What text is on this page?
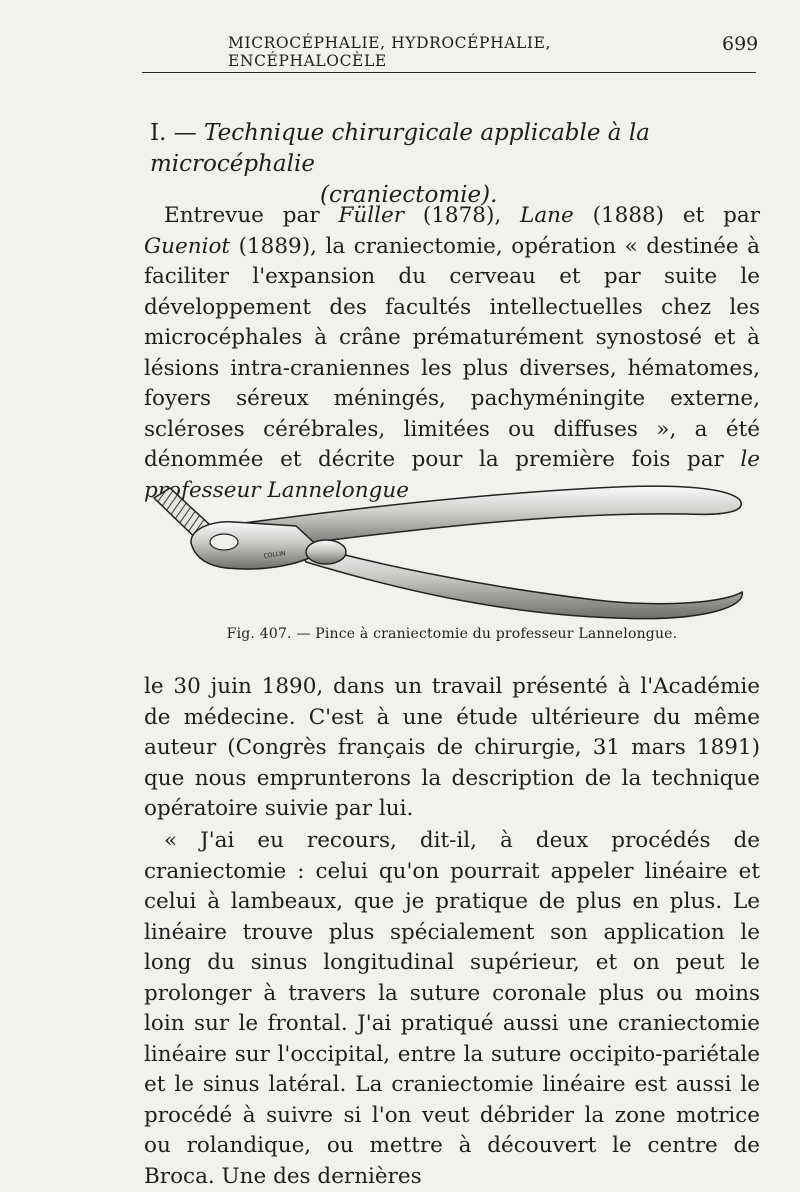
MICROCÉPHALIE, HYDROCÉPHALIE, ENCÉPHALOCÈLE
699
I. — Technique chirurgicale applicable à la microcéphalie
(craniectomie).
Entrevue par Füller (1878), Lane (1888) et par Gueniot (1889), la craniectomie, opération « destinée à faciliter l'expansion du cerveau et par suite le développement des facultés intellectuelles chez les microcéphales à crâne prématurément synostosé et à lésions intra-craniennes les plus diverses, hématomes, foyers séreux méningés, pachyméningite externe, scléroses cérébrales, limitées ou diffuses », a été dénommée et décrite pour la première fois par le professeur Lannelongue
COLLIN
Fig. 407. — Pince à craniectomie du professeur Lannelongue.
le 30 juin 1890, dans un travail présenté à l'Académie de médecine. C'est à une étude ultérieure du même auteur (Congrès français de chirurgie, 31 mars 1891) que nous emprunterons la description de la technique opératoire suivie par lui.
« J'ai eu recours, dit-il, à deux procédés de craniectomie : celui qu'on pourrait appeler linéaire et celui à lambeaux, que je pratique de plus en plus. Le linéaire trouve plus spécialement son application le long du sinus longitudinal supérieur, et on peut le prolonger à travers la suture coronale plus ou moins loin sur le frontal. J'ai pratiqué aussi une craniectomie linéaire sur l'occipital, entre la suture occipito-pariétale et le sinus latéral. La craniectomie linéaire est aussi le procédé à suivre si l'on veut débrider la zone motrice ou rolandique, ou mettre à découvert le centre de Broca. Une des dernières
